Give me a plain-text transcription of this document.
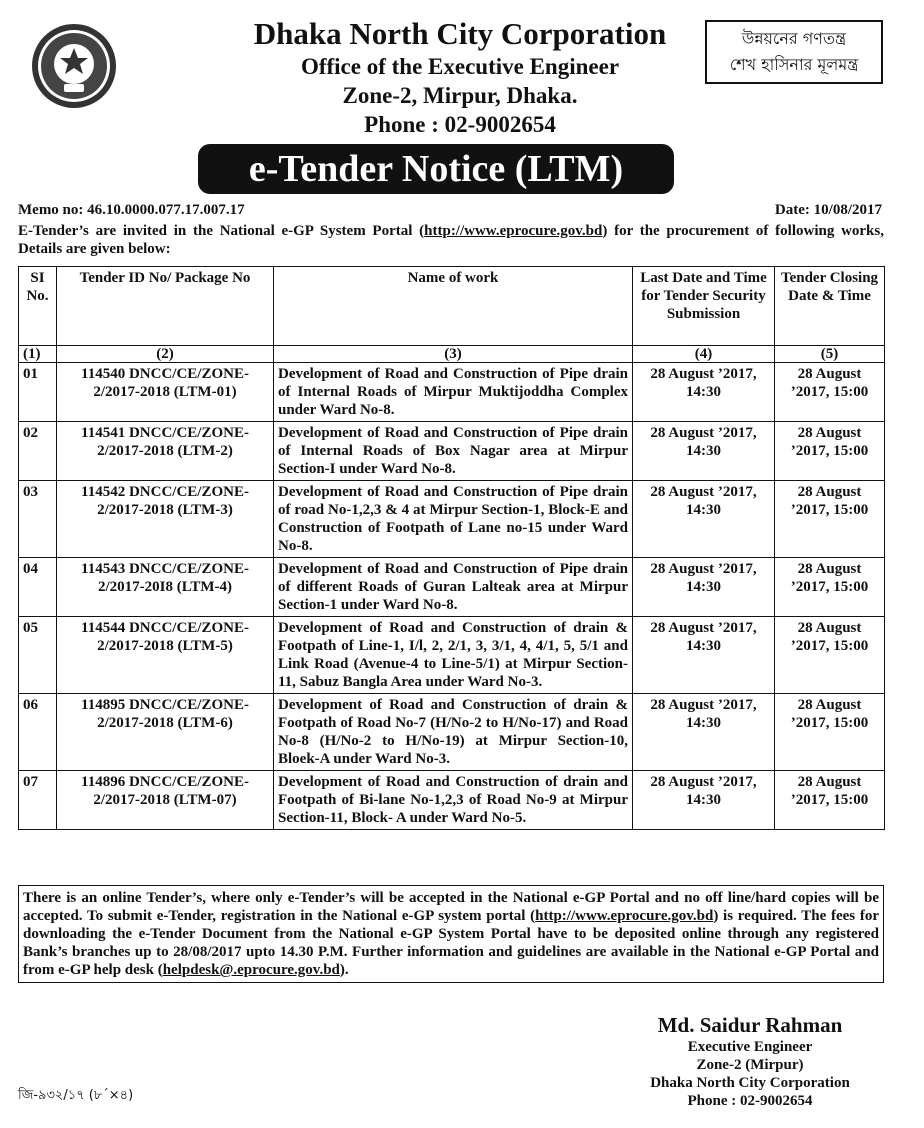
Dhaka North City Corporation
Office of the Executive Engineer
Zone-2, Mirpur, Dhaka.
Phone : 02-9002654
উন্নয়নের গণতন্ত্র
শেখ হাসিনার মূলমন্ত্র
e-Tender Notice (LTM)
Memo no: 46.10.0000.077.17.007.17	Date: 10/08/2017
E-Tender’s are invited in the National e-GP System Portal (http://www.eprocure.gov.bd) for the procurement of following works, Details are given below:
SI No.	Tender ID No/ Package No	Name of work	Last Date and Time for Tender Security Submission	Tender Closing Date & Time
(1)	(2)	(3)	(4)	(5)
01	114540 DNCC/CE/ZONE-2/2017-2018 (LTM-01)	Development of Road and Construction of Pipe drain of Internal Roads of Mirpur Muktijoddha Complex under Ward No-8.	28 August ’2017, 14:30	28 August ’2017, 15:00
02	114541 DNCC/CE/ZONE-2/2017-2018 (LTM-2)	Development of Road and Construction of Pipe drain of Internal Roads of Box Nagar area at Mirpur Section-I under Ward No-8.	28 August ’2017, 14:30	28 August ’2017, 15:00
03	114542 DNCC/CE/ZONE-2/2017-2018 (LTM-3)	Development of Road and Construction of Pipe drain of road No-1,2,3 & 4 at Mirpur Section-1, Block-E and Construction of Footpath of Lane no-15 under Ward No-8.	28 August ’2017, 14:30	28 August ’2017, 15:00
04	114543 DNCC/CE/ZONE-2/2017-20I8 (LTM-4)	Development of Road and Construction of Pipe drain of different Roads of Guran Lalteak area at Mirpur Section-1 under Ward No-8.	28 August ’2017, 14:30	28 August ’2017, 15:00
05	114544 DNCC/CE/ZONE-2/2017-2018 (LTM-5)	Development of Road and Construction of drain & Footpath of Line-1, I/l, 2, 2/1, 3, 3/1, 4, 4/1, 5, 5/1 and Link Road (Avenue-4 to Line-5/1) at Mirpur Section-11, Sabuz Bangla Area under Ward No-3.	28 August ’2017, 14:30	28 August ’2017, 15:00
06	114895 DNCC/CE/ZONE-2/2017-2018 (LTM-6)	Development of Road and Construction of drain & Footpath of Road No-7 (H/No-2 to H/No-17) and Road No-8 (H/No-2 to H/No-19) at Mirpur Section-10, Bloek-A under Ward No-3.	28 August ’2017, 14:30	28 August ’2017, 15:00
07	114896 DNCC/CE/ZONE-2/2017-2018 (LTM-07)	Development of Road and Construction of drain and Footpath of Bi-lane No-1,2,3 of Road No-9 at Mirpur Section-11, Block- A under Ward No-5.	28 August ’2017, 14:30	28 August ’2017, 15:00
There is an online Tender’s, where only e-Tender’s will be accepted in the National e-GP Portal and no off line/hard copies will be accepted. To submit e-Tender, registration in the National e-GP system portal (http://www.eprocure.gov.bd) is required. The fees for downloading the e-Tender Document from the National e-GP System Portal have to be deposited online through any registered Bank’s branches up to 28/08/2017 upto 14.30 P.M. Further information and guidelines are available in the National e-GP Portal and from e-GP help desk (helpdesk@.eprocure.gov.bd).
Md. Saidur Rahman
Executive Engineer
Zone-2 (Mirpur)
Dhaka North City Corporation
Phone : 02-9002654
জি-৯৩২/১৭ (৮´×৪)
